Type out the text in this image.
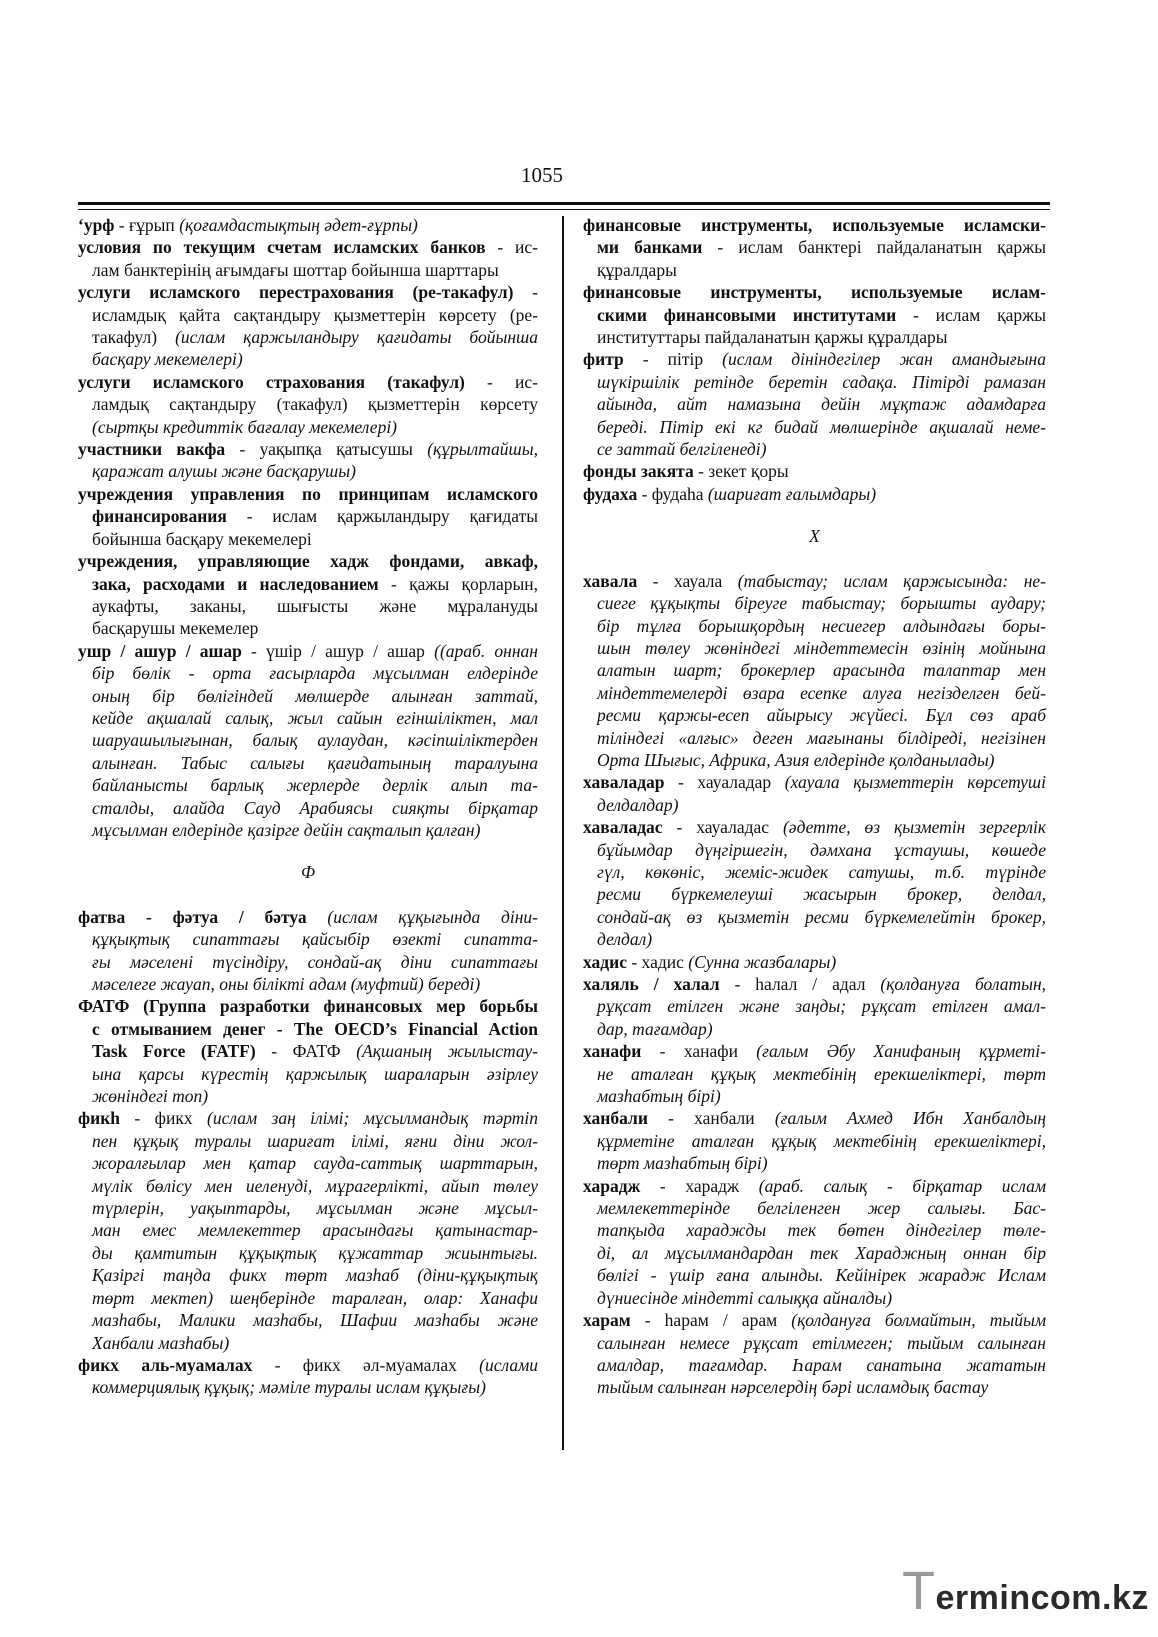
1055
‘урф - ғұрып (қоғамдастықтың әдет-ғұрпы)
условия по текущим счетам исламских банков - ис-
лам банктерінің ағымдағы шоттар бойынша шарттары
услуги исламского перестрахования (ре-такафул) -
исламдық қайта сақтандыру қызметтерін көрсету (ре-
такафул) (ислам қаржыландыру қағидаты бойынша
басқару мекемелері)
услуги исламского страхования (такафул) - ис-
ламдық сақтандыру (такафул) қызметтерін көрсету
(сыртқы кредиттік бағалау мекемелері)
участники вакфа - уақыпқа қатысушы (құрылтайшы,
қаражат алушы және басқарушы)
учреждения управления по принципам исламского
финансирования - ислам қаржыландыру қағидаты
бойынша басқару мекемелері
учреждения, управляющие хадж фондами, авкаф,
зака, расходами и наследованием - қажы қорларын,
аукафты, заканы, шығысты және мұралануды
басқарушы мекемелер
ушр / ашур / ашар - үшір / ашур / ашар ((араб. оннан
бір бөлік - орта ғасырларда мұсылман елдерінде
оның бір бөлігіндей мөлшерде алынған заттай,
кейде ақшалай салық, жыл сайын егіншіліктен, мал
шаруашылығынан, балық аулаудан, кәсіпшіліктерден
алынған. Табыс салығы қағидатының таралуына
байланысты барлық жерлерде дерлік алып та-
сталды, алайда Сауд Арабиясы сияқты бірқатар
мұсылман елдерінде қазірге дейін сақталып қалған)
Ф
фатва - фәтуа / бәтуа (ислам құқығында діни-
құқықтық сипаттағы қайсыбір өзекті сипатта-
ғы мәселені түсіндіру, сондай-ақ діни сипаттағы
мәселеге жауап, оны білікті адам (муфтий) береді)
ФАТФ (Группа разработки финансовых мер борьбы
с отмыванием денег - The OECD’s Financial Action
Task Force (FATF) - ФАТФ (Ақшаның жылыстау-
ына қарсы күрестің қаржылық шараларын әзірлеу
жөніндегі топ)
фикһ - фикх (ислам заң ілімі; мұсылмандық тәртіп
пен құқық туралы шариғат ілімі, яғни діни жол-
жоралғылар мен қатар сауда-саттық шарттарын,
мүлік бөлісу мен иеленуді, мұрагерлікті, айып төлеу
түрлерін, уақыптарды, мұсылман және мұсыл-
ман емес мемлекеттер арасындағы қатынастар-
ды қамтитын құқықтық құжаттар жиынтығы.
Қазіргі таңда фикх төрт мазһаб (діни-құқықтық
төрт мектеп) шеңберінде таралған, олар: Ханафи
мазһабы, Малики мазһабы, Шафии мазһабы және
Ханбали мазһабы)
фикх аль-муамалах - фикх әл-муамалах (ислами
коммерциялық құқық; мәміле туралы ислам құқығы)
финансовые инструменты, используемые исламски-
ми банками - ислам банктері пайдаланатын қаржы
құралдары
финансовые инструменты, используемые ислам-
скими финансовыми институтами - ислам қаржы
институттары пайдаланатын қаржы құралдары
фитр - пітір (ислам дініндегілер жан амандығына
шүкіршілік ретінде беретін садақа. Пітірді рамазан
айында, айт намазына дейін мұқтаж адамдарға
береді. Пітір екі кг бидай мөлшерінде ақшалай неме-
се заттай белгіленеді)
фонды закята - зекет қоры
фудаха - фудаһа (шариғат ғалымдары)
Х
хавала - хауала (табыстау; ислам қаржысында: не-
сиеге құқықты біреуге табыстау; борышты аудару;
бір тұлға борышқордың несиегер алдындағы боры-
шын төлеу жөніндегі міндеттемесін өзінің мойнына
алатын шарт; брокерлер арасында талаптар мен
міндеттемелерді өзара есепке алуға негізделген бей-
ресми қаржы-есеп айырысу жүйесі. Бұл сөз араб
тіліндегі «алғыс» деген мағынаны білдіреді, негізінен
Орта Шығыс, Африка, Азия елдерінде қолданылады)
хаваладар - хауаладар (хауала қызметтерін көрсетуші
делдалдар)
хаваладас - хауаладас (әдетте, өз қызметін зергерлік
бұйымдар дүңгіршегін, дәмхана ұстаушы, көшеде
гүл, көкөніс, жеміс-жидек сатушы, т.б. түрінде
ресми бүркемелеуші жасырын брокер, делдал,
сондай-ақ өз қызметін ресми бүркемелейтін брокер,
делдал)
хадис - хадис (Сунна жазбалары)
халяль / халал - һалал / адал (қолдануға болатын,
рұқсат етілген және заңды; рұқсат етілген амал-
дар, тағамдар)
ханафи - ханафи (ғалым Әбу Ханифаның құрметі-
не аталған құқық мектебінің ерекшеліктері, төрт
мазһабтың бірі)
ханбали - ханбали (ғалым Ахмед Ибн Ханбалдың
құрметіне аталған құқық мектебінің ерекшеліктері,
төрт мазһабтың бірі)
харадж - харадж (араб. салық - бірқатар ислам
мемлекеттерінде белгіленген жер салығы. Бас-
тапқыда хараджды тек бөтен діндегілер төле-
ді, ал мұсылмандардан тек Хараджның оннан бір
бөлігі - үшір ғана алынды. Кейінірек жарадж Ислам
дүниесінде міндетті салыққа айналды)
харам - һарам / арам (қолдануға болмайтын, тыйым
салынған немесе рұқсат етілмеген; тыйым салынған
амалдар, тағамдар. Һарам санатына жататын
тыйым салынған нәрселердің бәрі исламдық бастау
Termincom.kz
